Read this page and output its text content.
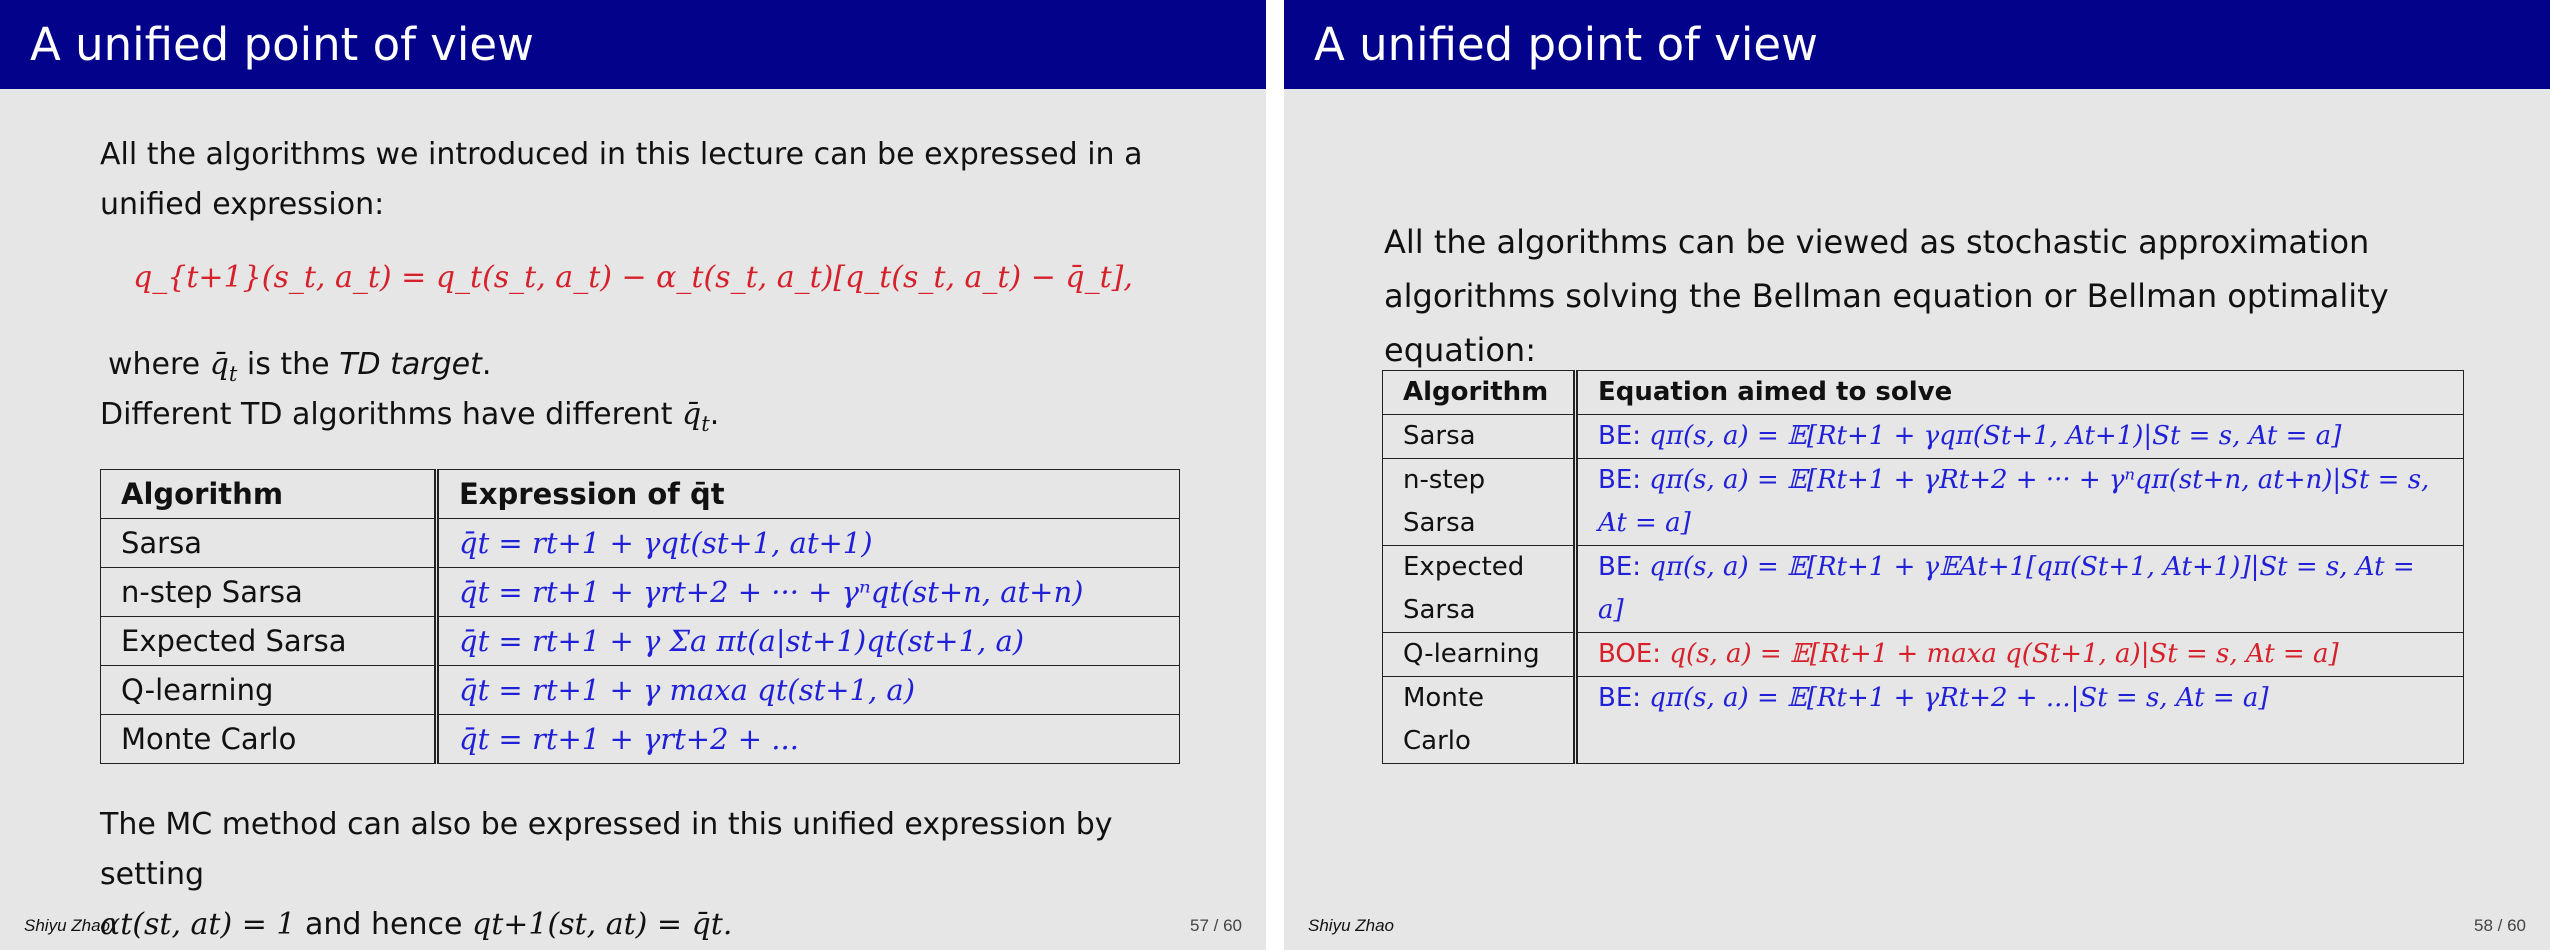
A unified point of view
All the algorithms we introduced in this lecture can be expressed in a unified expression:
q_{t+1}(s_t, a_t) = q_t(s_t, a_t) − α_t(s_t, a_t)[q_t(s_t, a_t) − q̄_t],
where $q̄_t$ is the TD target.
Different TD algorithms have different $q̄_t$.
Algorithm	Expression of q̄t
Sarsa	q̄t = rt+1 + γqt(st+1, at+1)
n-step Sarsa	q̄t = rt+1 + γrt+2 + ··· + γⁿqt(st+n, at+n)
Expected Sarsa	q̄t = rt+1 + γ Σa πt(a|st+1)qt(st+1, a)
Q-learning	q̄t = rt+1 + γ maxa qt(st+1, a)
Monte Carlo	q̄t = rt+1 + γrt+2 + ...
The MC method can also be expressed in this unified expression by setting
αt(st, at) = 1 and hence qt+1(st, at) = q̄t.
Shiyu Zhao	57 / 60
A unified point of view
All the algorithms can be viewed as stochastic approximation algorithms solving the Bellman equation or Bellman optimality equation:
Algorithm	Equation aimed to solve
Sarsa	BE: qπ(s, a) = 𝔼[Rt+1 + γqπ(St+1, At+1)|St = s, At = a]
n-step Sarsa	BE: qπ(s, a) = 𝔼[Rt+1 + γRt+2 + ··· + γⁿqπ(st+n, at+n)|St = s, At = a]
Expected Sarsa	BE: qπ(s, a) = 𝔼[Rt+1 + γ𝔼At+1[qπ(St+1, At+1)]|St = s, At = a]
Q-learning	BOE: q(s, a) = 𝔼[Rt+1 + maxa q(St+1, a)|St = s, At = a]
Monte Carlo	BE: qπ(s, a) = 𝔼[Rt+1 + γRt+2 + ...|St = s, At = a]
Shiyu Zhao	58 / 60
